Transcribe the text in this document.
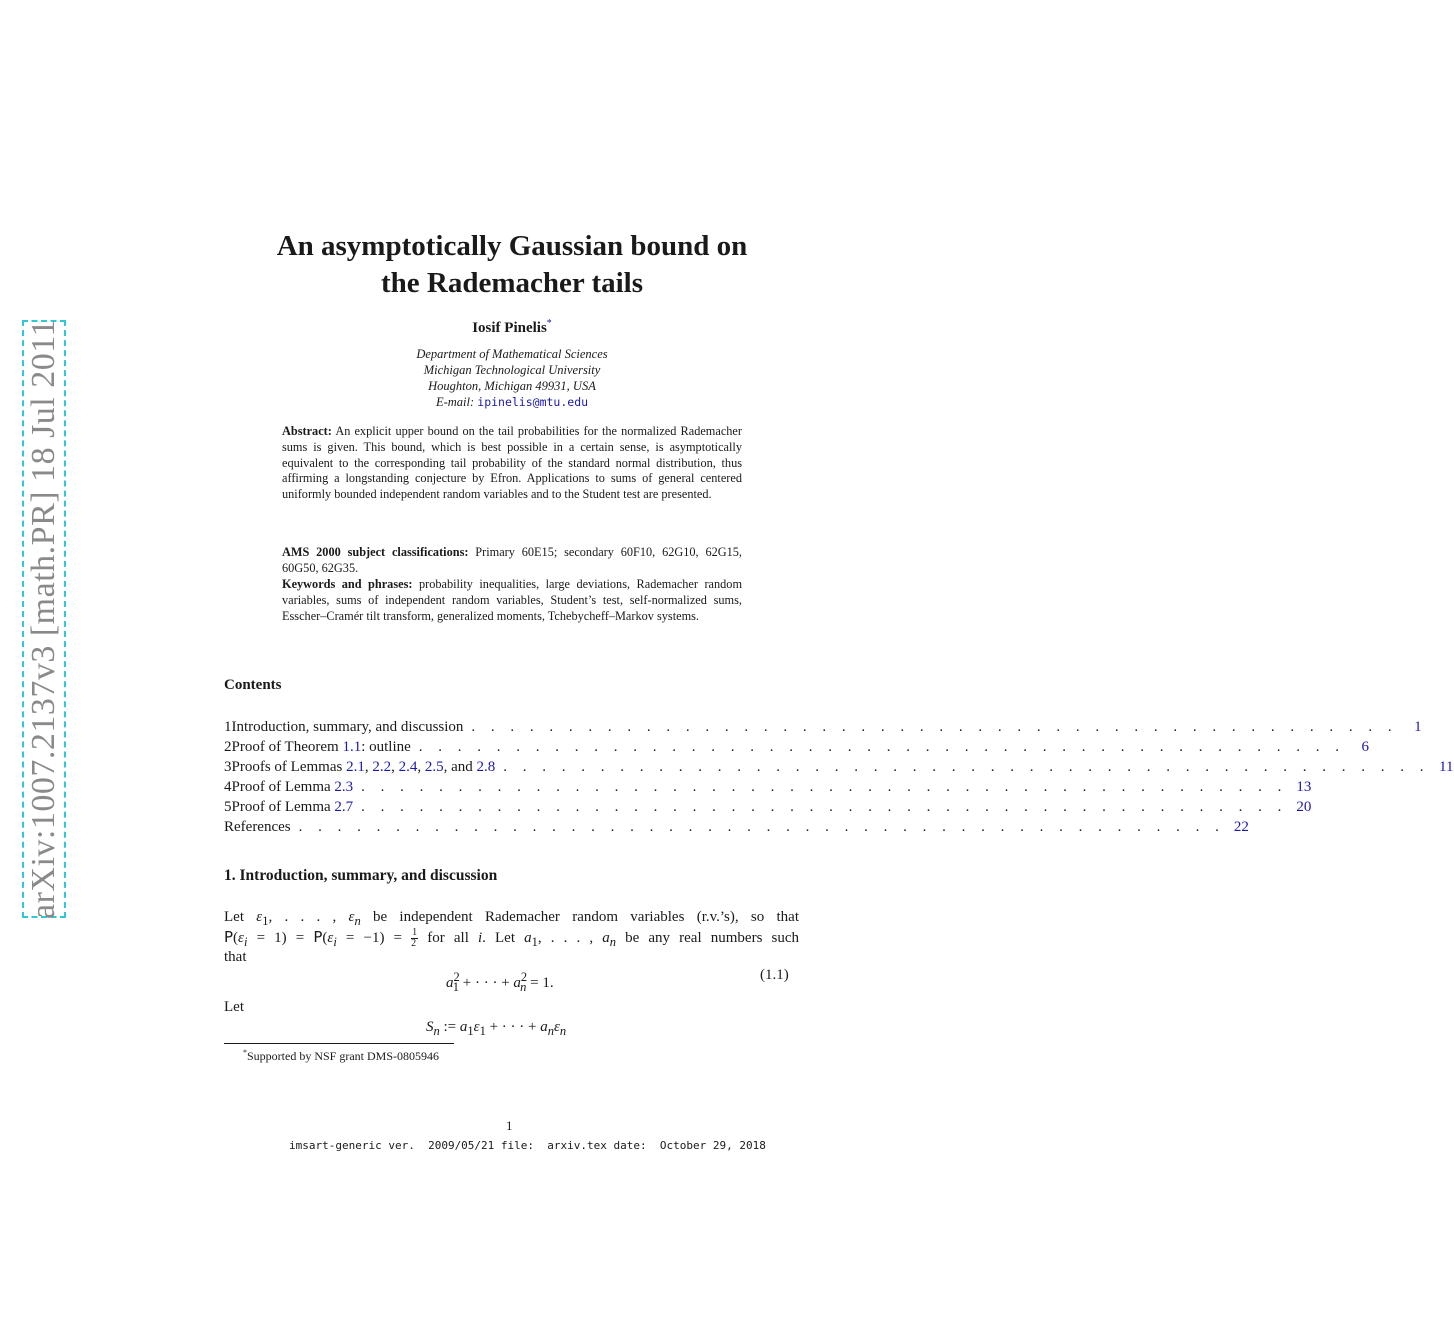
arXiv:1007.2137v3 [math.PR] 18 Jul 2011
An asymptotically Gaussian bound on
the Rademacher tails
Iosif Pinelis*
Department of Mathematical Sciences
Michigan Technological University
Houghton, Michigan 49931, USA
E-mail: ipinelis@mtu.edu

Abstract: An explicit upper bound on the tail probabilities for the normalized Rademacher sums is given. This bound, which is best possible in a certain sense, is asymptotically equivalent to the corresponding tail probability of the standard normal distribution, thus affirming a longstanding conjecture by Efron. Applications to sums of general centered uniformly bounded independent random variables and to the Student test are presented.

AMS 2000 subject classifications: Primary 60E15; secondary 60F10, 62G10, 62G15, 60G50, 62G35.

Keywords and phrases: probability inequalities, large deviations, Rademacher random variables, sums of independent random variables, Student’s test, self-normalized sums, Esscher–Cramér tilt transform, generalized moments, Tchebycheff–Markov systems.

Contents
1 Introduction, summary, and discussion . . . . . . . . . . . . . . . . . . . . . . . . . . . . . . . . . . . . . . . . . . . . . . . .	1
2 Proof of Theorem 1.1: outline . . . . . . . . . . . . . . . . . . . . . . . . . . . . . . . . . . . . . . . . . . . . . . . .	6
3 Proofs of Lemmas 2.1, 2.2, 2.4, 2.5, and 2.8 . . . . . . . . . . . . . . . . . . . . . . . . . . . . . . . . . . . . . . . . . . . . . . . . 11
4 Proof of Lemma 2.3 . . . . . . . . . . . . . . . . . . . . . . . . . . . . . . . . . . . . . . . . . . . . . . . . 13
5 Proof of Lemma 2.7 . . . . . . . . . . . . . . . . . . . . . . . . . . . . . . . . . . . . . . . . . . . . . . . . 20
References . . . . . . . . . . . . . . . . . . . . . . . . . . . . . . . . . . . . . . . . . . . . . . . . 22
1. Introduction, summary, and discussion
Let $\varepsilon_1$, . . . , $\varepsilon_n$ be independent Rademacher random variables (r.v.’s), so that
$P(\varepsilon_i = 1) = P(\varepsilon_i = -1) = \frac{1}{2}$ for all i. Let $a_1$, . . . , $a_n$ be any real numbers such
that
$a^2_1$ + · · · + $a^2_n = 1$.	(1.1)
Let
$S_n$ := $a_1\varepsilon_1$ + · · · + $a_n\varepsilon_n$
*Supported by NSF grant DMS-0805946
1
imsart-generic ver.  2009/05/21 file:  arxiv.tex date:  October 29, 2018
